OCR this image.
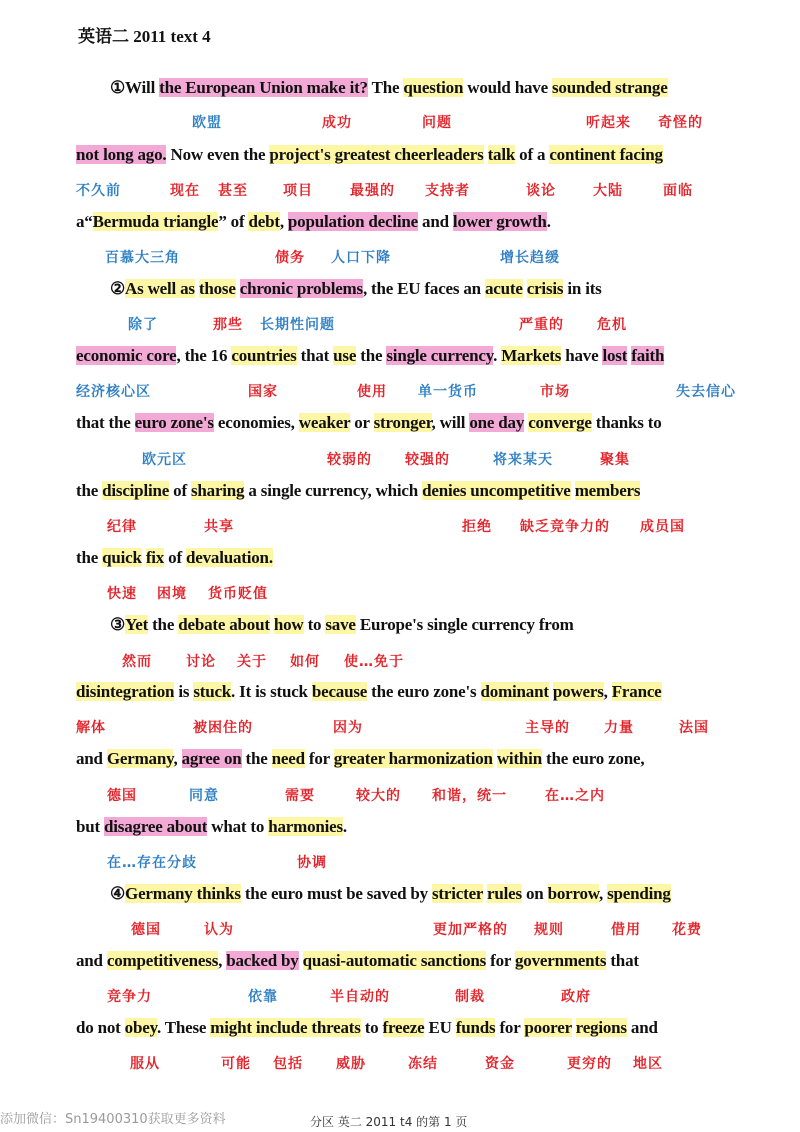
英语二 2011 text 4
①Will the European Union make it? The question would have sounded strange
not long ago. Now even the project's greatest cheerleaders talk of a continent facing
a“Bermuda triangle” of debt, population decline and lower growth.
②As well as those chronic problems, the EU faces an acute crisis in its
economic core, the 16 countries that use the single currency. Markets have lost faith
that the euro zone's economies, weaker or stronger, will one day converge thanks to
the discipline of sharing a single currency, which denies uncompetitive members
the quick fix of devaluation.
③Yet the debate about how to save Europe's single currency from
disintegration is stuck. It is stuck because the euro zone's dominant powers, France
and Germany, agree on the need for greater harmonization within the euro zone,
but disagree about what to harmonies.
④Germany thinks the euro must be saved by stricter rules on borrow, spending
and competitiveness, backed by quasi-automatic sanctions for governments that
do not obey. These might include threats to freeze EU funds for poorer regions and
欧盟	成功	问题	听起来 奇怪的
不久前	现在 甚至	项目	最强的 支持者	谈论	大陆	面临
百慕大三角	债务 人口下降	增长趋缓
除了	那些 长期性问题	严重的 危机
经济核心区	国家	使用 单一货币	市场	失去信心
欧元区	较弱的 较强的	将来某天	聚集
纪律	共享	拒绝 缺乏竞争力的 成员国
快速 困境 货币贬值
然而 讨论 关于 如何 使…免于
解体	被困住的	因为	主导的 力量	法国
德国	同意	需要	较大的 和谐，统一	在…之内
在…存在分歧	协调
德国	认为	更加严格的 规则	借用 花费
竞争力	依靠	半自动的	制裁	政府
服从	可能 包括 威胁	冻结	资金	更穷的 地区
添加微信：Sn19400310获取更多资料	分区 英二 2011 t4 的第 1 页
